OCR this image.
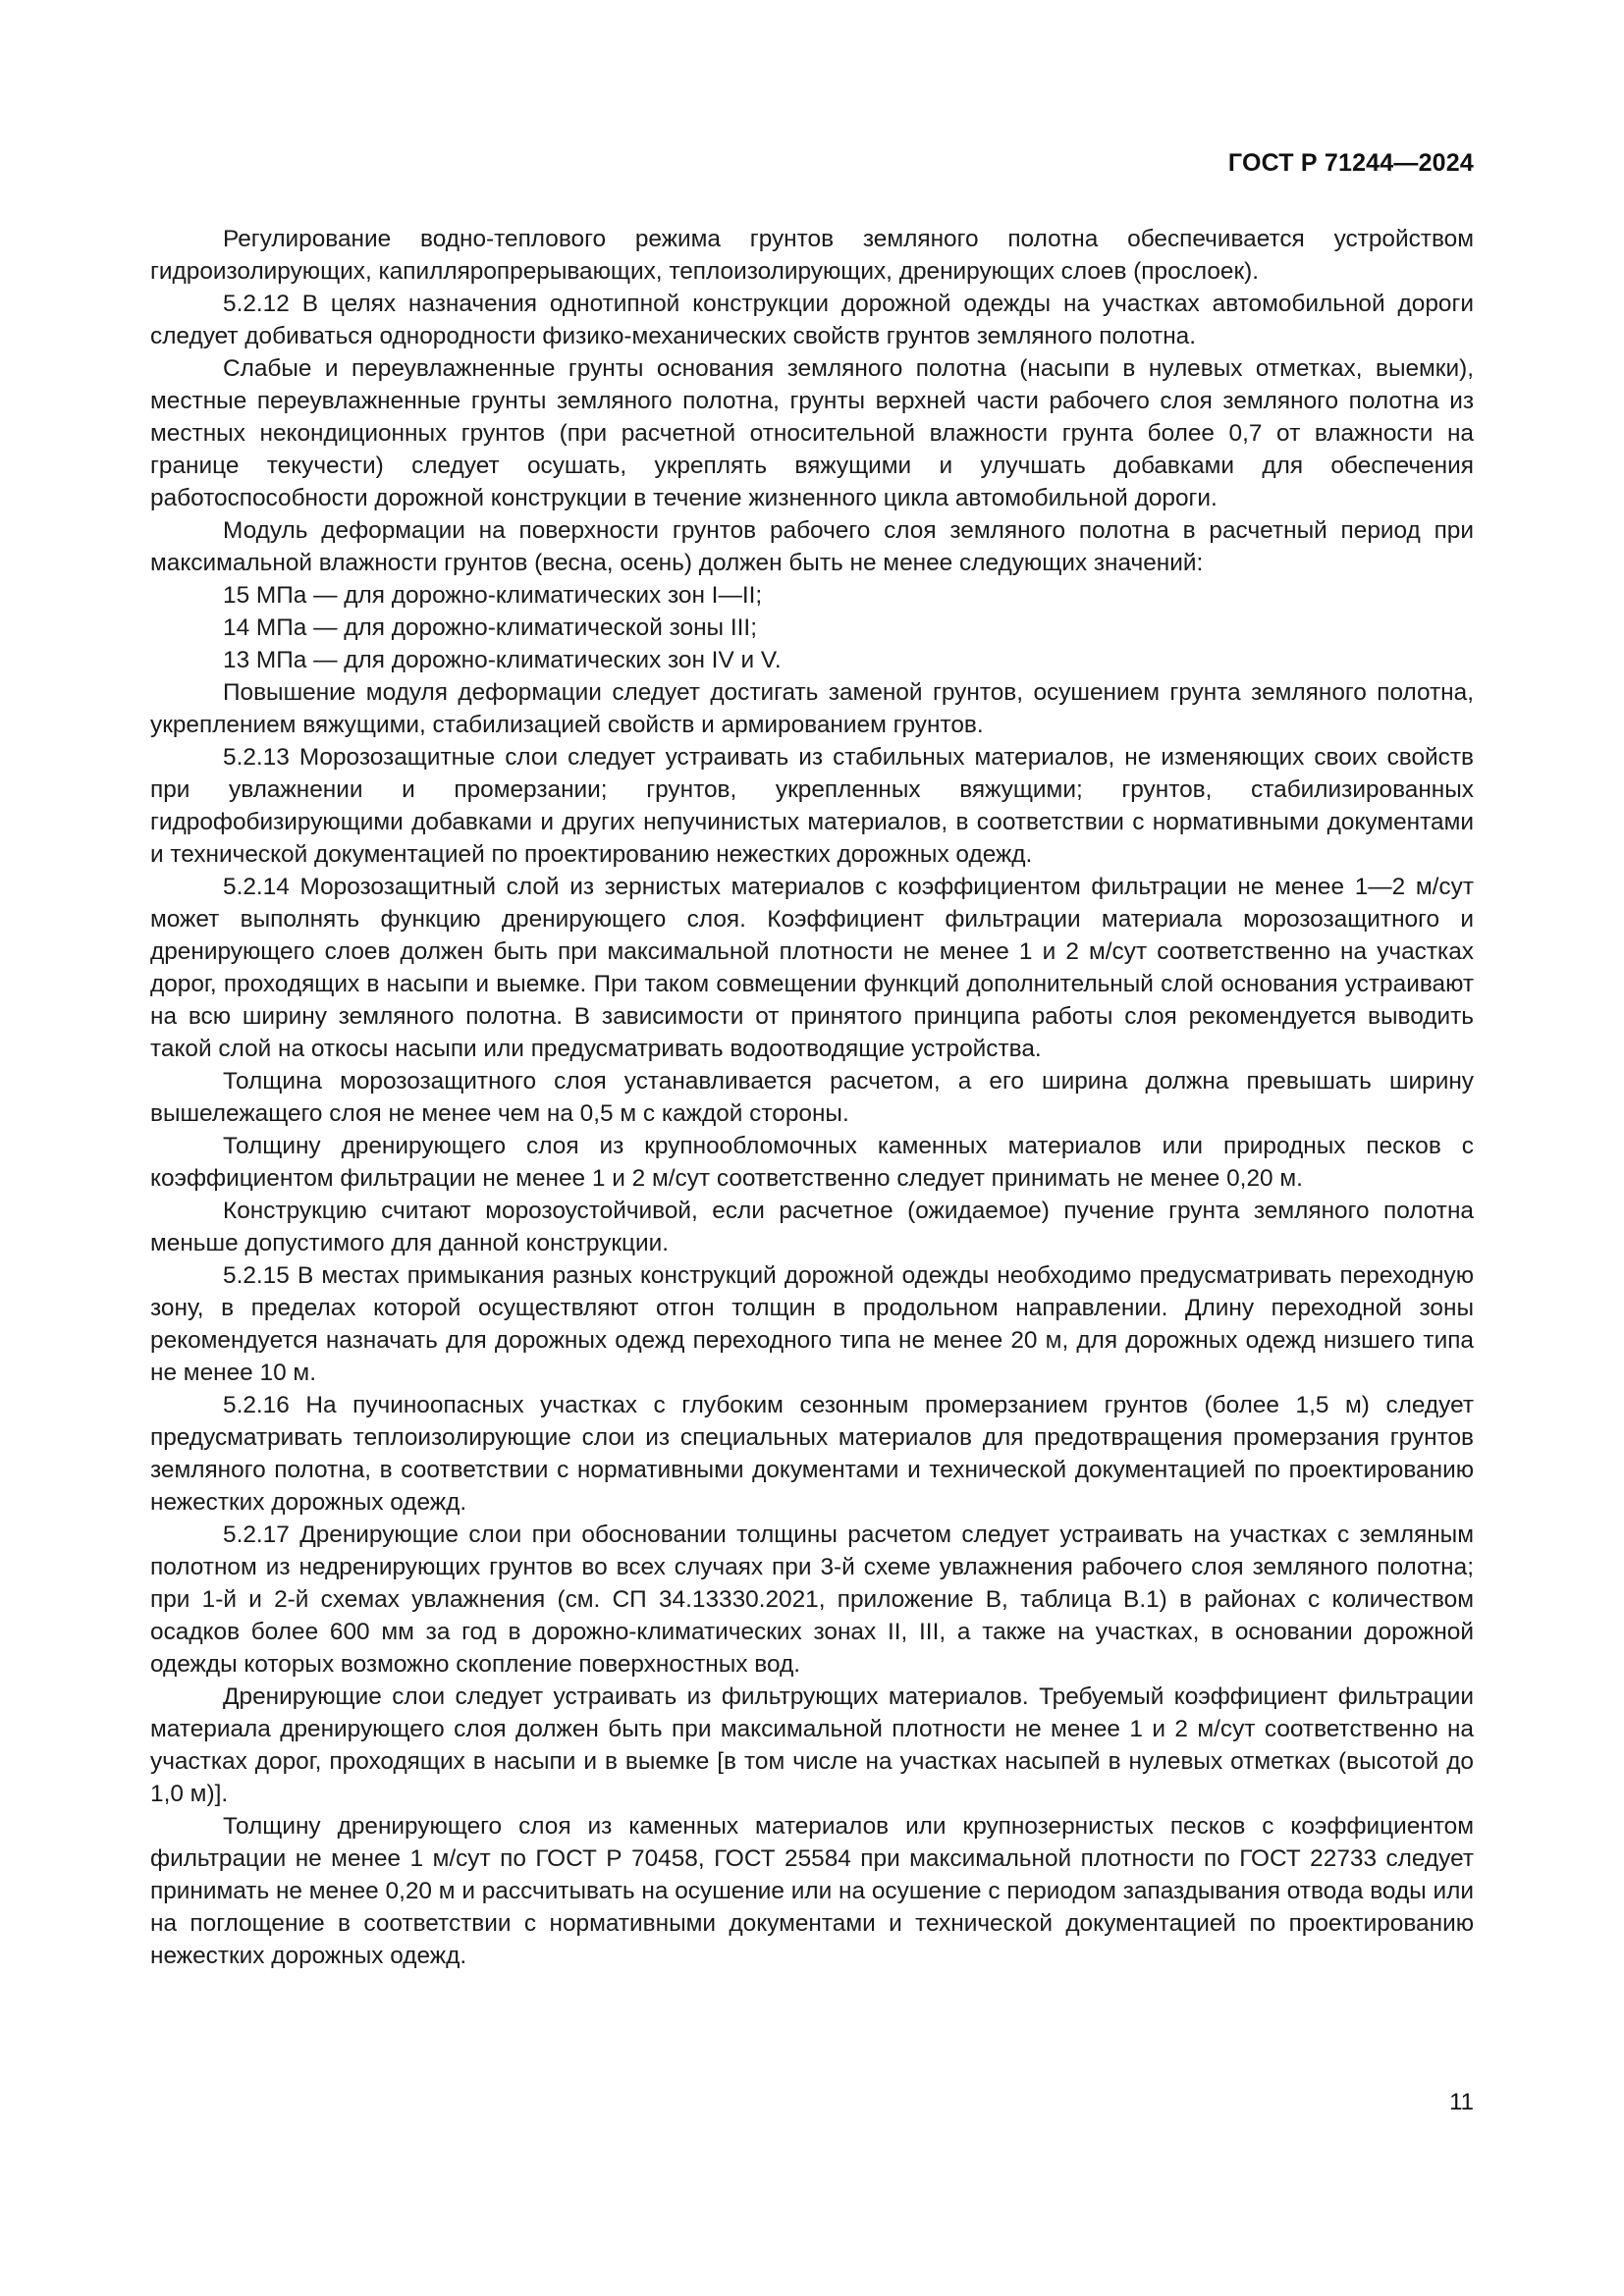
ГОСТ Р 71244—2024

Регулирование водно-теплового режима грунтов земляного полотна обеспечивается устройством гидроизолирующих, капилляропрерывающих, теплоизолирующих, дренирующих слоев (прослоек).

5.2.12 В целях назначения однотипной конструкции дорожной одежды на участках автомобильной дороги следует добиваться однородности физико-механических свойств грунтов земляного полотна.

Слабые и переувлажненные грунты основания земляного полотна (насыпи в нулевых отметках, выемки), местные переувлажненные грунты земляного полотна, грунты верхней части рабочего слоя земляного полотна из местных некондиционных грунтов (при расчетной относительной влажности грунта более 0,7 от влажности на границе текучести) следует осушать, укреплять вяжущими и улучшать добавками для обеспечения работоспособности дорожной конструкции в течение жизненного цикла автомобильной дороги.

Модуль деформации на поверхности грунтов рабочего слоя земляного полотна в расчетный период при максимальной влажности грунтов (весна, осень) должен быть не менее следующих значений:

15 МПа — для дорожно-климатических зон I—II;

14 МПа — для дорожно-климатической зоны III;

13 МПа — для дорожно-климатических зон IV и V.

Повышение модуля деформации следует достигать заменой грунтов, осушением грунта земляного полотна, укреплением вяжущими, стабилизацией свойств и армированием грунтов.

5.2.13 Морозозащитные слои следует устраивать из стабильных материалов, не изменяющих своих свойств при увлажнении и промерзании; грунтов, укрепленных вяжущими; грунтов, стабилизированных гидрофобизирующими добавками и других непучинистых материалов, в соответствии с нормативными документами и технической документацией по проектированию нежестких дорожных одежд.

5.2.14 Морозозащитный слой из зернистых материалов с коэффициентом фильтрации не менее 1—2 м/сут может выполнять функцию дренирующего слоя. Коэффициент фильтрации материала морозозащитного и дренирующего слоев должен быть при максимальной плотности не менее 1 и 2 м/сут соответственно на участках дорог, проходящих в насыпи и выемке. При таком совмещении функций дополнительный слой основания устраивают на всю ширину земляного полотна. В зависимости от принятого принципа работы слоя рекомендуется выводить такой слой на откосы насыпи или предусматривать водоотводящие устройства.

Толщина морозозащитного слоя устанавливается расчетом, а его ширина должна превышать ширину вышележащего слоя не менее чем на 0,5 м с каждой стороны.

Толщину дренирующего слоя из крупнообломочных каменных материалов или природных песков с коэффициентом фильтрации не менее 1 и 2 м/сут соответственно следует принимать не менее 0,20 м.

Конструкцию считают морозоустойчивой, если расчетное (ожидаемое) пучение грунта земляного полотна меньше допустимого для данной конструкции.

5.2.15 В местах примыкания разных конструкций дорожной одежды необходимо предусматривать переходную зону, в пределах которой осуществляют отгон толщин в продольном направлении. Длину переходной зоны рекомендуется назначать для дорожных одежд переходного типа не менее 20 м, для дорожных одежд низшего типа не менее 10 м.

5.2.16 На пучиноопасных участках с глубоким сезонным промерзанием грунтов (более 1,5 м) следует предусматривать теплоизолирующие слои из специальных материалов для предотвращения промерзания грунтов земляного полотна, в соответствии с нормативными документами и технической документацией по проектированию нежестких дорожных одежд.

5.2.17 Дренирующие слои при обосновании толщины расчетом следует устраивать на участках с земляным полотном из недренирующих грунтов во всех случаях при 3-й схеме увлажнения рабочего слоя земляного полотна; при 1-й и 2-й схемах увлажнения (см. СП 34.13330.2021, приложение В, таблица В.1) в районах с количеством осадков более 600 мм за год в дорожно-климатических зонах II, III, а также на участках, в основании дорожной одежды которых возможно скопление поверхностных вод.

Дренирующие слои следует устраивать из фильтрующих материалов. Требуемый коэффициент фильтрации материала дренирующего слоя должен быть при максимальной плотности не менее 1 и 2 м/сут соответственно на участках дорог, проходящих в насыпи и в выемке [в том числе на участках насыпей в нулевых отметках (высотой до 1,0 м)].

Толщину дренирующего слоя из каменных материалов или крупнозернистых песков с коэффициентом фильтрации не менее 1 м/сут по ГОСТ Р 70458, ГОСТ 25584 при максимальной плотности по ГОСТ 22733 следует принимать не менее 0,20 м и рассчитывать на осушение или на осушение с периодом запаздывания отвода воды или на поглощение в соответствии с нормативными документами и технической документацией по проектированию нежестких дорожных одежд.

11
